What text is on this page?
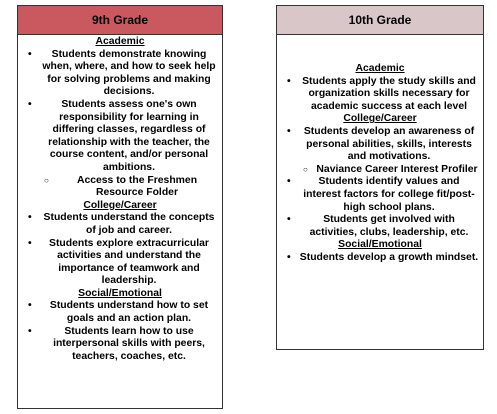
9th Grade
Academic
• Students demonstrate knowing when, where, and how to seek help for solving problems and making decisions.
• Students assess one's own responsibility for learning in differing classes, regardless of relationship with the teacher, the course content, and/or personal ambitions.
○ Access to the Freshmen Resource Folder
College/Career
• Students understand the concepts of job and career.
• Students explore extracurricular activities and understand the importance of teamwork and leadership.
Social/Emotional
• Students understand how to set goals and an action plan.
• Students learn how to use interpersonal skills with peers, teachers, coaches, etc.
10th Grade
Academic
• Students apply the study skills and organization skills necessary for academic success at each level
College/Career
• Students develop an awareness of personal abilities, skills, interests and motivations.
○ Naviance Career Interest Profiler
• Students identify values and interest factors for college fit/post-high school plans.
• Students get involved with activities, clubs, leadership, etc.
Social/Emotional
• Students develop a growth mindset.
